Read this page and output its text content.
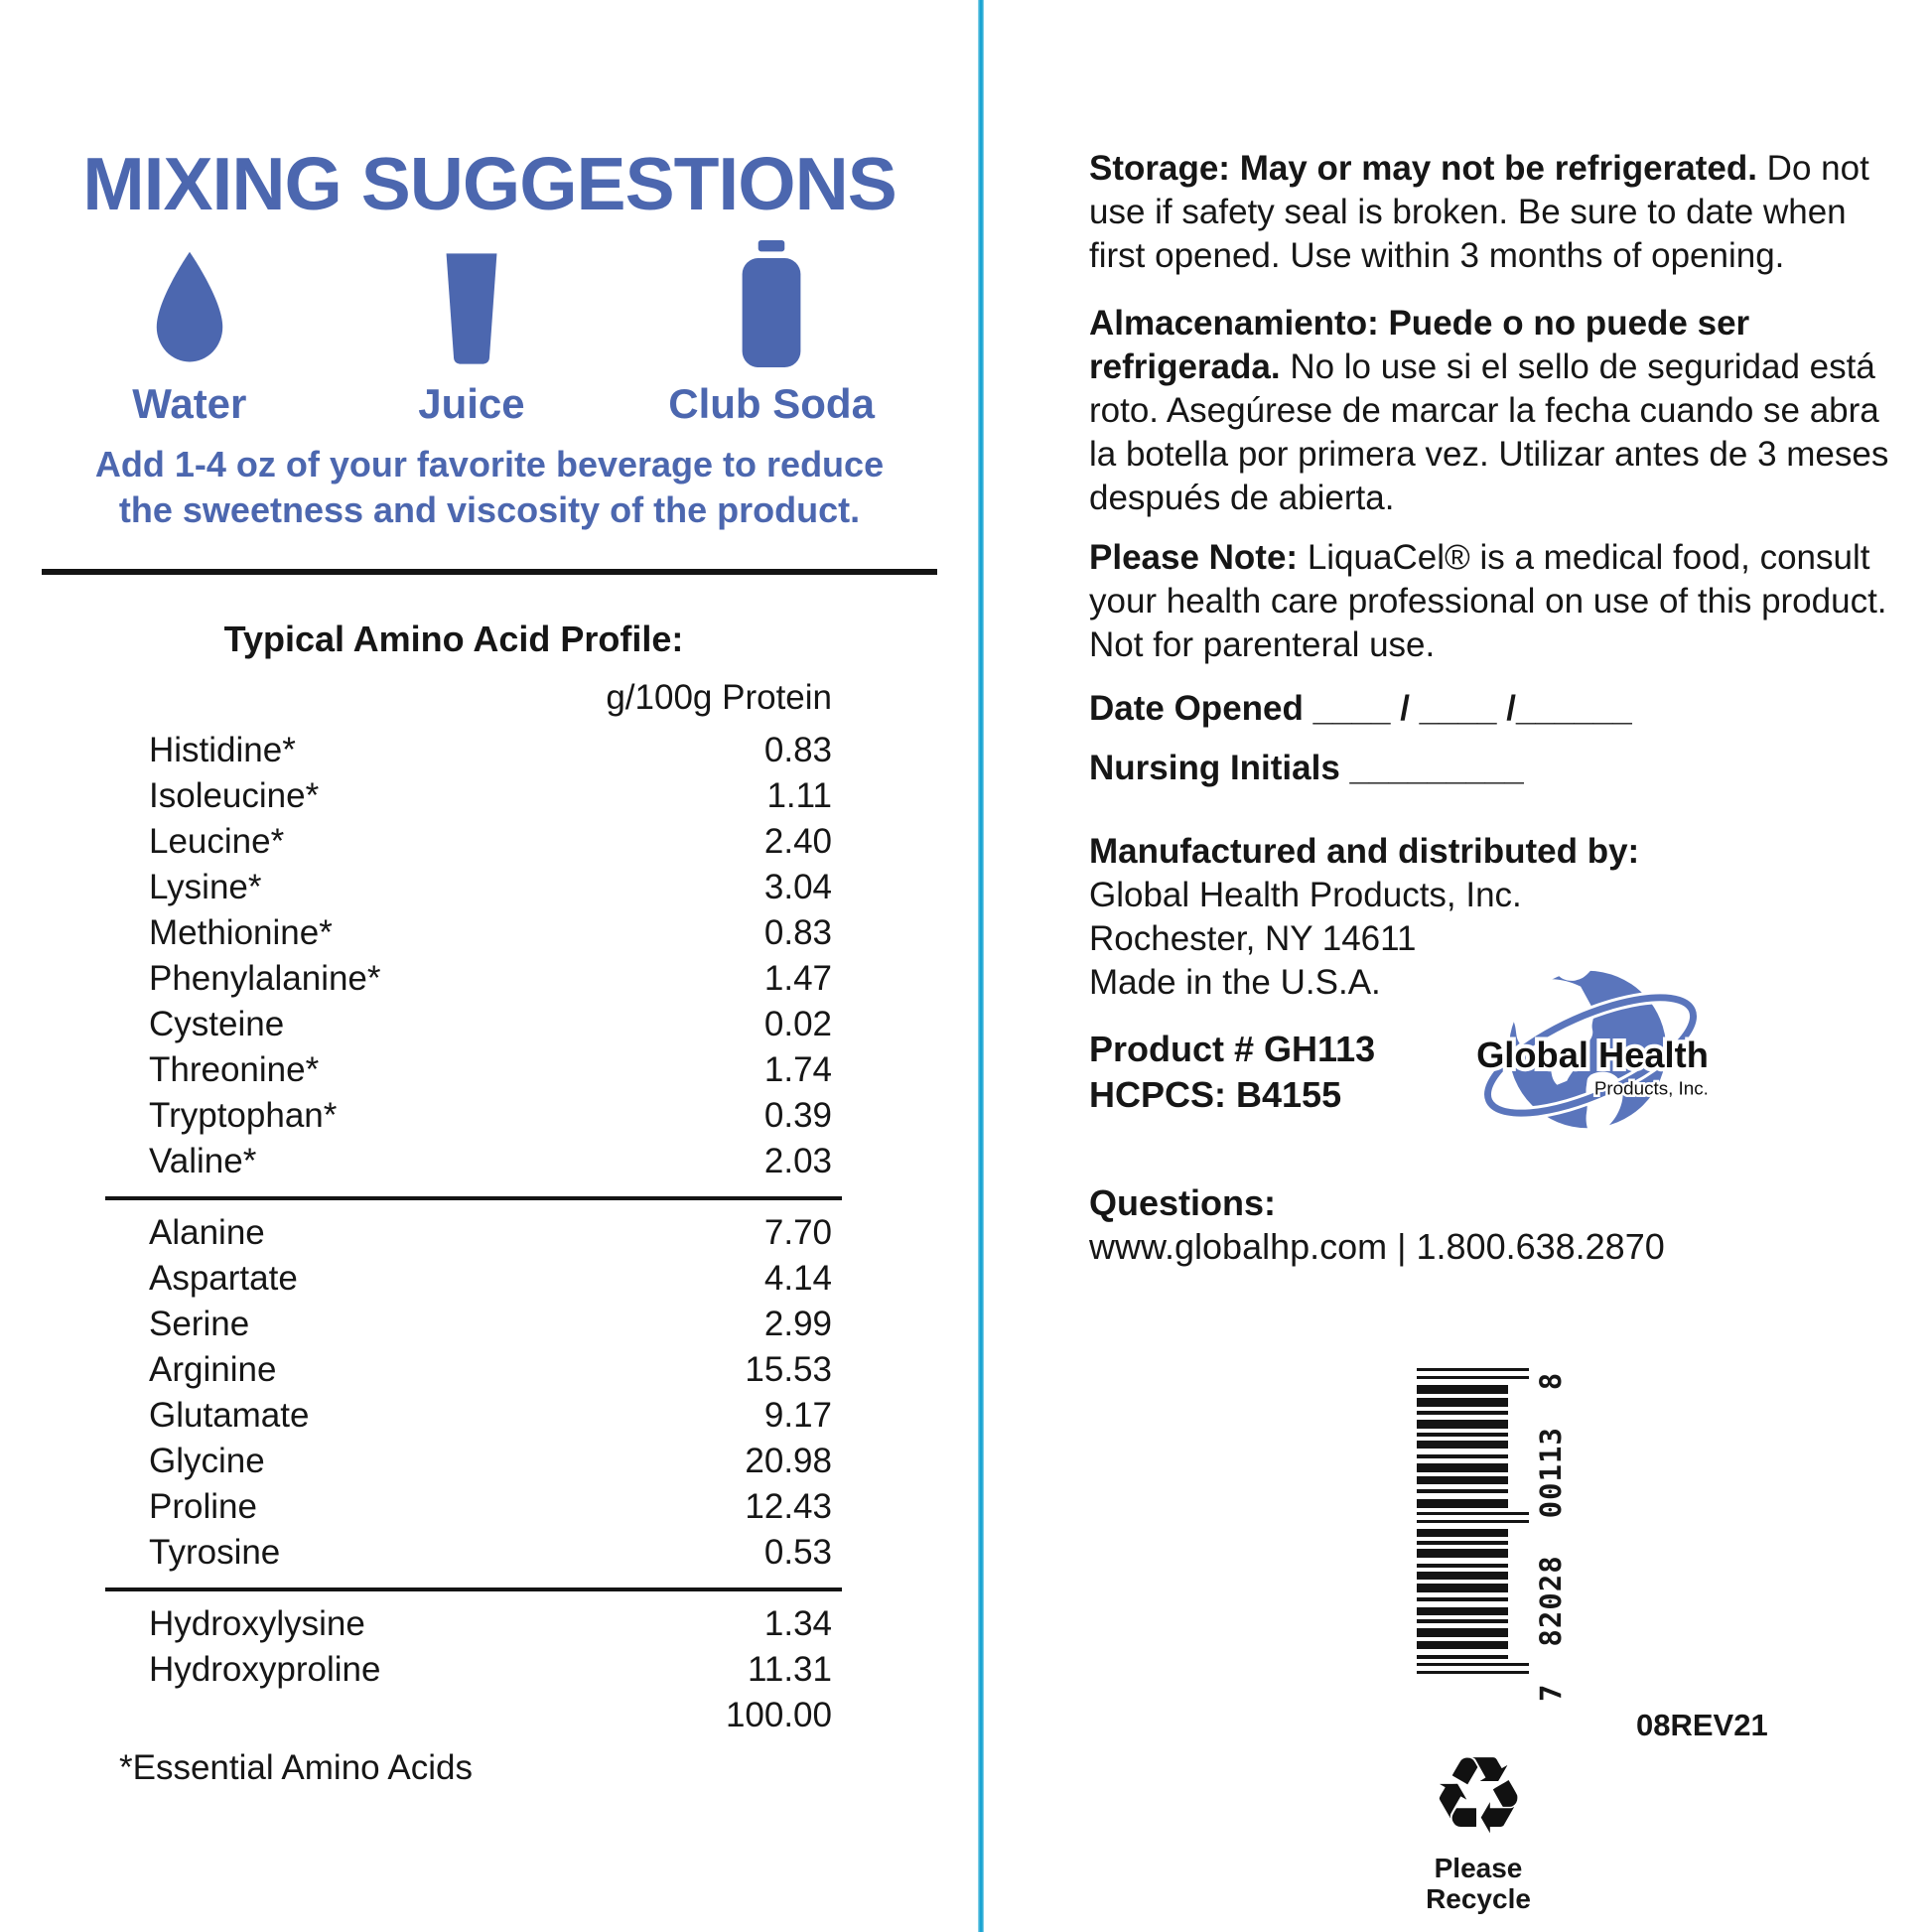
MIXING SUGGESTIONS
Water	Juice	Club Soda
Add 1-4 oz of your favorite beverage to reduce
the sweetness and viscosity of the product.
Typical Amino Acid Profile:
g/100g Protein
Histidine*	0.83
Isoleucine*	1.11
Leucine*	2.40
Lysine*	3.04
Methionine*	0.83
Phenylalanine*	1.47
Cysteine	0.02
Threonine*	1.74
Tryptophan*	0.39
Valine*	2.03
Alanine	7.70
Aspartate	4.14
Serine	2.99
Arginine	15.53
Glutamate	9.17
Glycine	20.98
Proline	12.43
Tyrosine	0.53
Hydroxylysine	1.34
Hydroxyproline	11.31
100.00
*Essential Amino Acids

Storage: May or may not be refrigerated. Do not use if safety seal is broken. Be sure to date when first opened. Use within 3 months of opening.

Almacenamiento: Puede o no puede ser refrigerada. No lo use si el sello de seguridad está roto. Asegúrese de marcar la fecha cuando se abra la botella por primera vez. Utilizar antes de 3 meses después de abierta.

Please Note: LiquaCel® is a medical food, consult your health care professional on use of this product. Not for parenteral use.

Date Opened ____ / ____ /______

Nursing Initials _________

Manufactured and distributed by:
Global Health Products, Inc.
Rochester, NY 14611
Made in the U.S.A.
Product # GH113
HCPCS: B4155
Global Health
Products, Inc.
Questions:
www.globalhp.com | 1.800.638.2870
7  82028  00113  8
08REV21
♻
Please
Recycle
